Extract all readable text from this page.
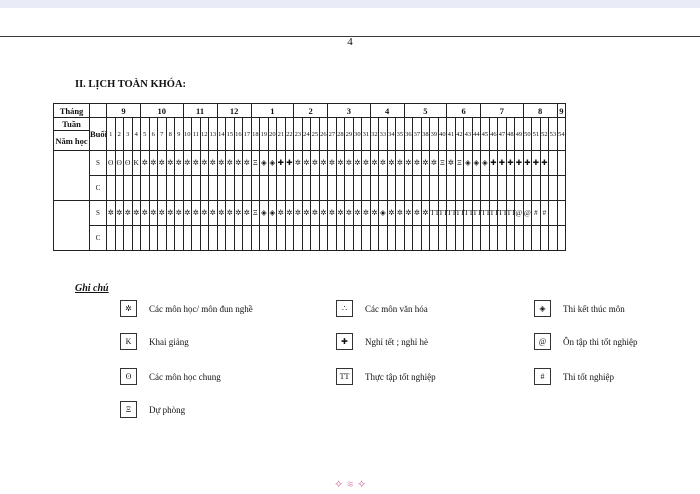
4
II. LỊCH TOÀN KHÓA:
Tháng		9				10					11				12				1					2				3					4				5					6				7					8				9
Tuần	Buổi	1	2	3	4	5	6	7	8	9	10	11	12	13	14	15	16	17	18	19	20	21	22	23	24	25	26	27	28	29	30	31	32	33	34	35	36	37	38	39	40	41	42	43	44	45	46	47	48	49	50	51	52	53	54
Năm học																																																							
	S	ʘ	ʘ	ʘ	K	✲	✲	✲	✲	✲	✲	✲	✲	✲	✲	✲	✲	✲	Ξ	◈	◈	✚	✚	✲	✲	✲	✲	✲	✲	✲	✲	✲	✲	✲	✲	✲	✲	✲	✲	✲	Ξ	✲	Ξ	◈	◈	◈	✚	✚	✚	✚	✚	✚	✚		
	C																																																						
	S	✲	✲	✲	✲	✲	✲	✲	✲	✲	✲	✲	✲	✲	✲	✲	✲	✲	Ξ	◈	◈	✲	✲	✲	✲	✲	✲	✲	✲	✲	✲	✲	✲	◈	✲	✲	✲	✲	✲	TT	TT	TT	TT	TT	TT	TT	TT	TT	TT	@	@	#	#		
	C																																																						
Ghi chú
✲	Các môn học/ môn đun nghề	∴	Các môn văn hóa	◈	Thi kết thúc môn
K	Khai giảng	✚	Nghỉ tết ; nghỉ hè	@	Ôn tập thi tốt nghiệp
ʘ	Các môn học chung	TT	Thực tập tốt nghiệp	#	Thi tốt nghiệp
Ξ	Dự phòng
⟡ ≋ ⟡
